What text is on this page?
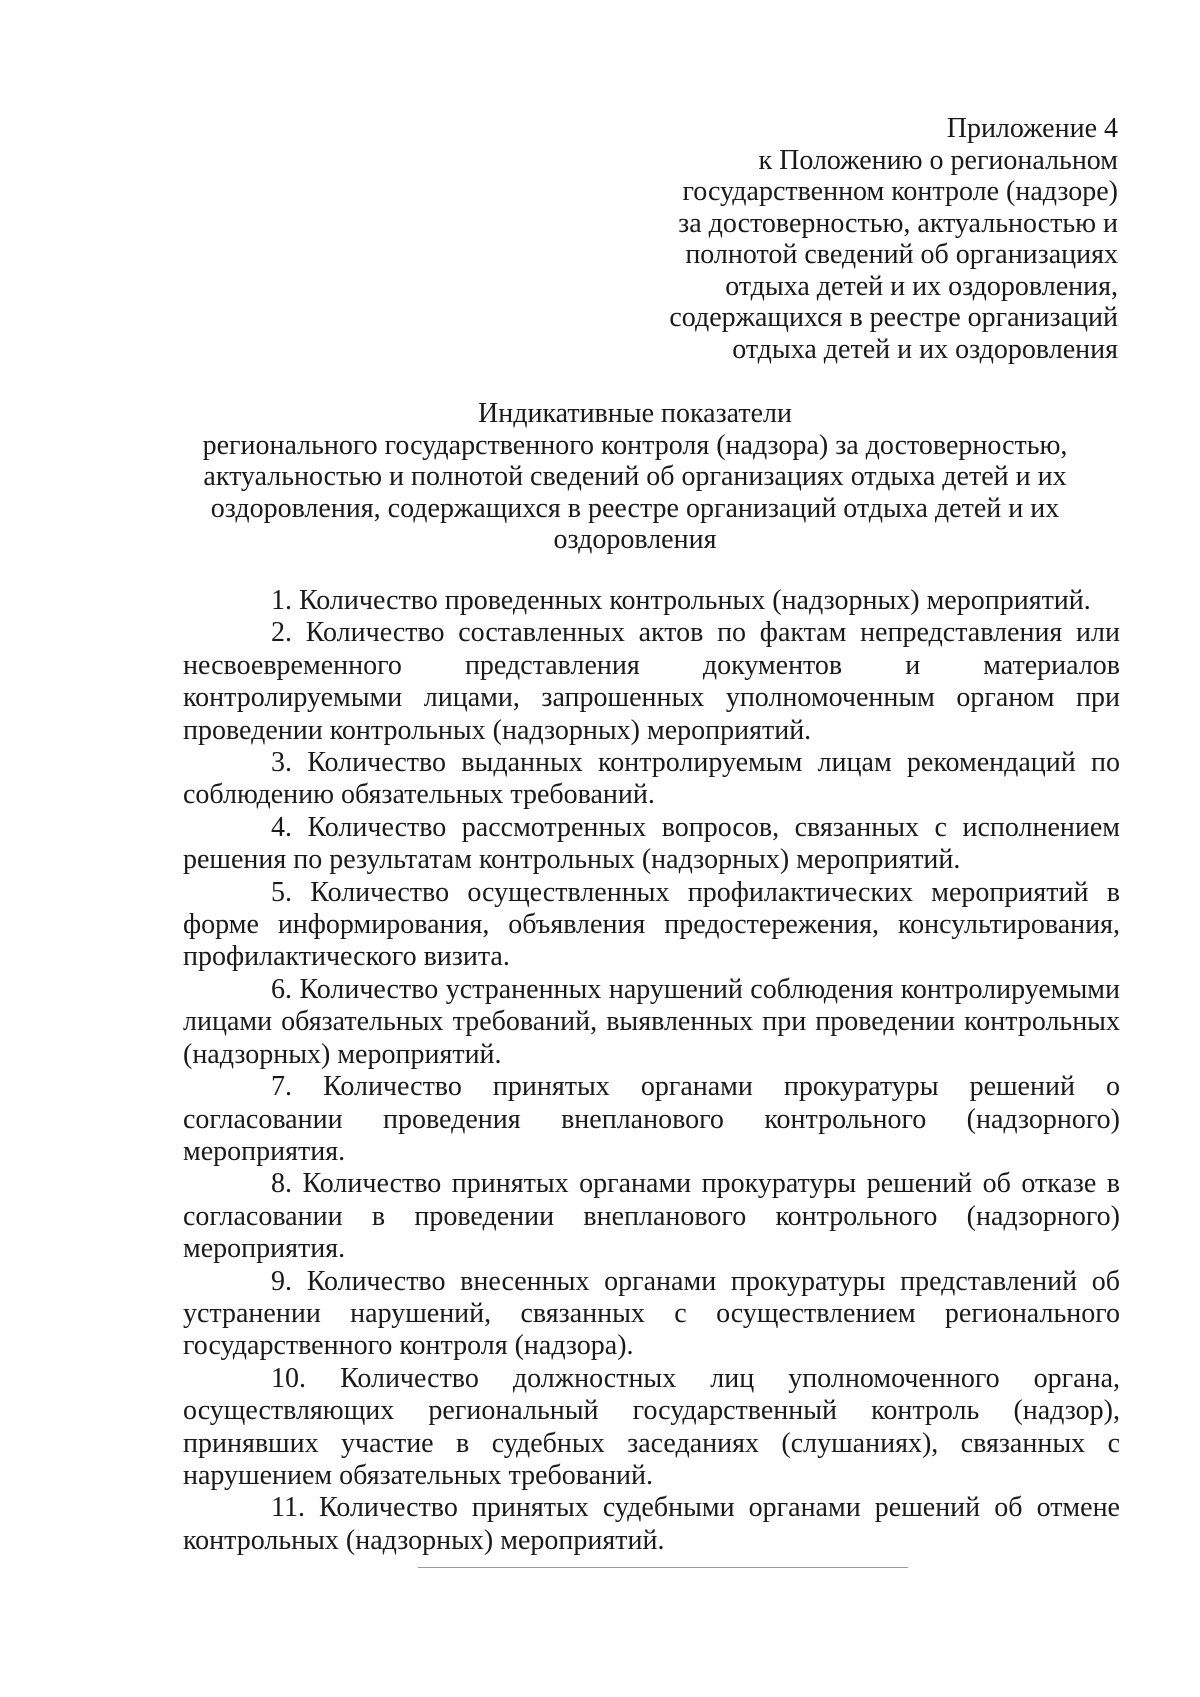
Приложение 4
к Положению о региональном
государственном контроле (надзоре)
за достоверностью, актуальностью и
полнотой сведений об организациях
отдыха детей и их оздоровления,
содержащихся в реестре организаций
отдыха детей и их оздоровления
Индикативные показатели
регионального государственного контроля (надзора) за достоверностью,
актуальностью и полнотой сведений об организациях отдыха детей и их
оздоровления, содержащихся в реестре организаций отдыха детей и их
оздоровления

1. Количество проведенных контрольных (надзорных) мероприятий.

2. Количество составленных актов по фактам непредставления или несвоевременного представления документов и материалов контролируемыми лицами, запрошенных уполномоченным органом при проведении контрольных (надзорных) мероприятий.

3. Количество выданных контролируемым лицам рекомендаций по соблюдению обязательных требований.

4. Количество рассмотренных вопросов, связанных с исполнением решения по результатам контрольных (надзорных) мероприятий.

5. Количество осуществленных профилактических мероприятий в форме информирования, объявления предостережения, консультирования, профилактического визита.

6. Количество устраненных нарушений соблюдения контролируемыми лицами обязательных требований, выявленных при проведении контрольных (надзорных) мероприятий.

7. Количество принятых органами прокуратуры решений о согласовании проведения внепланового контрольного (надзорного) мероприятия.

8. Количество принятых органами прокуратуры решений об отказе в согласовании в проведении внепланового контрольного (надзорного) мероприятия.

9. Количество внесенных органами прокуратуры представлений об устранении нарушений, связанных с осуществлением регионального государственного контроля (надзора).

10. Количество должностных лиц уполномоченного органа, осуществляющих региональный государственный контроль (надзор), принявших участие в судебных заседаниях (слушаниях), связанных с нарушением обязательных требований.

11. Количество принятых судебными органами решений об отмене контрольных (надзорных) мероприятий.
